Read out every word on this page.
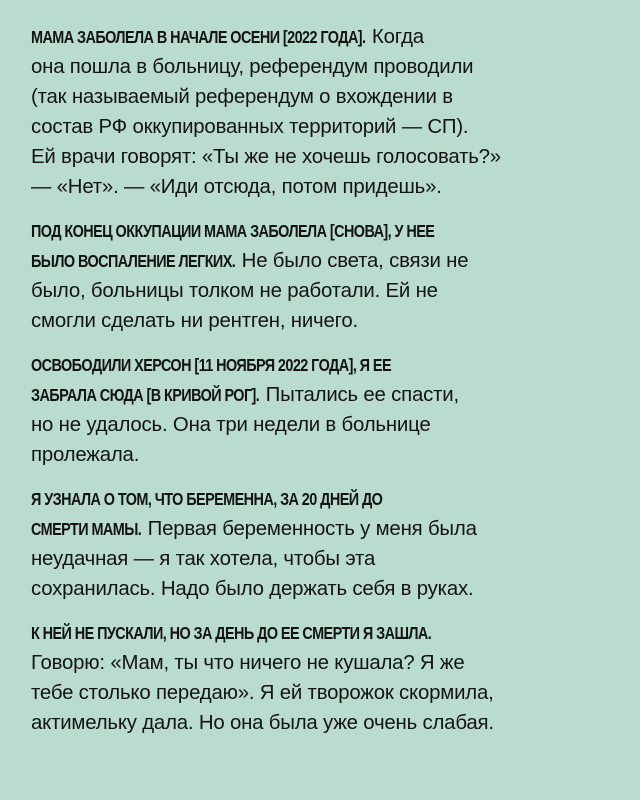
МАМА ЗАБОЛЕЛА В НАЧАЛЕ ОСЕНИ [2022 ГОДА]. Когда
она пошла в больницу, референдум проводили
(так называемый референдум о вхождении в
состав РФ оккупированных территорий — СП).
Ей врачи говорят: «Ты же не хочешь голосовать?»
— «Нет». — «Иди отсюда, потом придешь».

ПОД КОНЕЦ ОККУПАЦИИ МАМА ЗАБОЛЕЛА [СНОВА], У НЕЕ
БЫЛО ВОСПАЛЕНИЕ ЛЕГКИХ. Не было света, связи не
было, больницы толком не работали. Ей не
смогли сделать ни рентген, ничего.

ОСВОБОДИЛИ ХЕРСОН [11 НОЯБРЯ 2022 ГОДА], Я ЕЕ
ЗАБРАЛА СЮДА [В КРИВОЙ РОГ]. Пытались ее спасти,
но не удалось. Она три недели в больнице
пролежала.

Я УЗНАЛА О ТОМ, ЧТО БЕРЕМЕННА, ЗА 20 ДНЕЙ ДО
СМЕРТИ МАМЫ. Первая беременность у меня была
неудачная — я так хотела, чтобы эта
сохранилась. Надо было держать себя в руках.

К НЕЙ НЕ ПУСКАЛИ, НО ЗА ДЕНЬ ДО ЕЕ СМЕРТИ Я ЗАШЛА.
Говорю: «Мам, ты что ничего не кушала? Я же
тебе столько передаю». Я ей творожок скормила,
актимельку дала. Но она была уже очень слабая.
